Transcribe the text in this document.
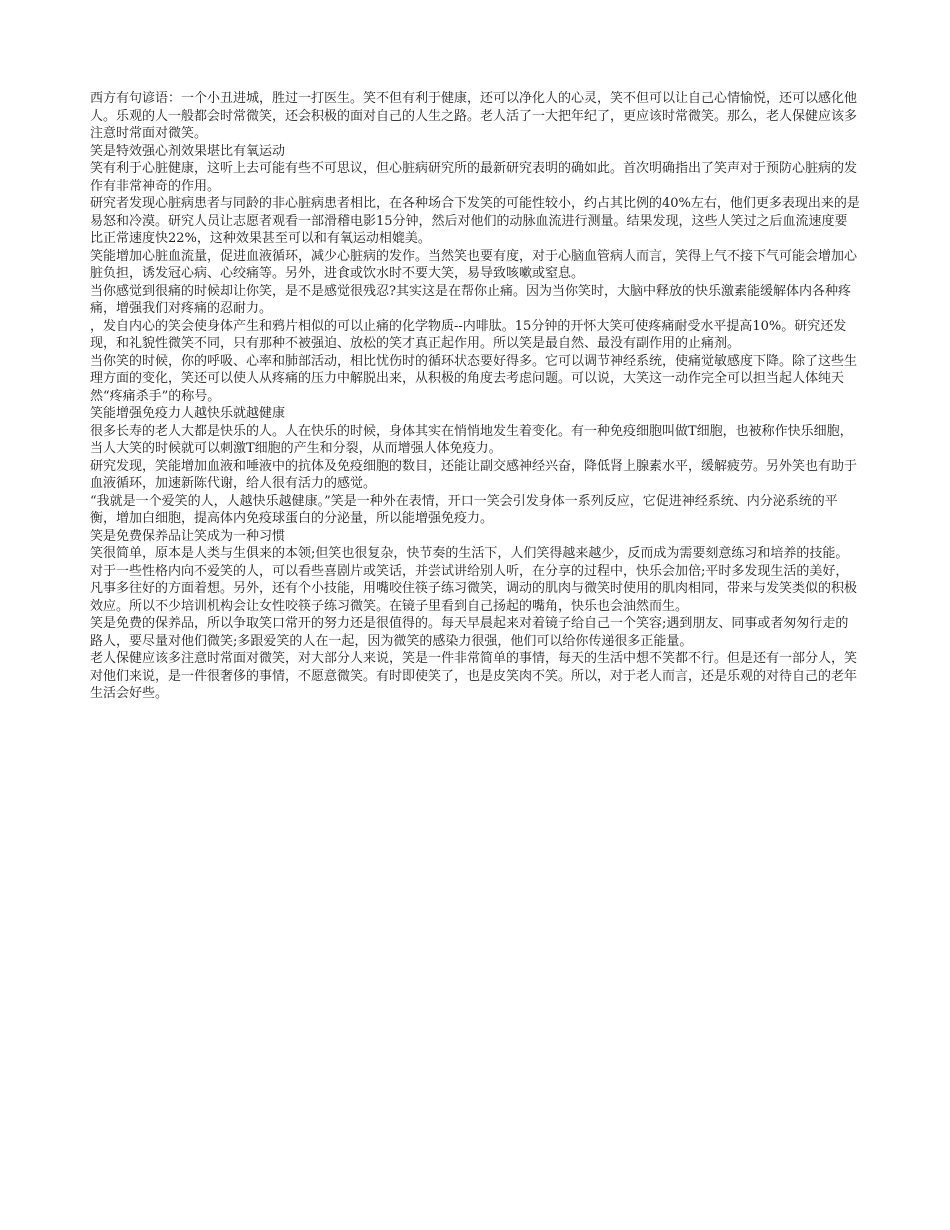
西方有句谚语：一个小丑进城，胜过一打医生。笑不但有利于健康，还可以净化人的心灵，笑不但可以让自己心情愉悦，还可以感化他人。乐观的人一般都会时常微笑，还会积极的面对自己的人生之路。老人活了一大把年纪了，更应该时常微笑。那么，老人保健应该多注意时常面对微笑。

笑是特效强心剂效果堪比有氧运动

笑有利于心脏健康，这听上去可能有些不可思议，但心脏病研究所的最新研究表明的确如此。首次明确指出了笑声对于预防心脏病的发作有非常神奇的作用。

研究者发现心脏病患者与同龄的非心脏病患者相比，在各种场合下发笑的可能性较小，约占其比例的40%左右，他们更多表现出来的是易怒和冷漠。研究人员让志愿者观看一部滑稽电影15分钟，然后对他们的动脉血流进行测量。结果发现，这些人笑过之后血流速度要比正常速度快22%，这种效果甚至可以和有氧运动相媲美。

笑能增加心脏血流量，促进血液循环，减少心脏病的发作。当然笑也要有度，对于心脑血管病人而言，笑得上气不接下气可能会增加心脏负担，诱发冠心病、心绞痛等。另外，进食或饮水时不要大笑，易导致咳嗽或窒息。

当你感觉到很痛的时候却让你笑，是不是感觉很残忍?其实这是在帮你止痛。因为当你笑时，大脑中释放的快乐激素能缓解体内各种疼痛，增强我们对疼痛的忍耐力。

，发自内心的笑会使身体产生和鸦片相似的可以止痛的化学物质--内啡肽。15分钟的开怀大笑可使疼痛耐受水平提高10%。研究还发现，和礼貌性微笑不同，只有那种不被强迫、放松的笑才真正起作用。所以笑是最自然、最没有副作用的止痛剂。

当你笑的时候，你的呼吸、心率和肺部活动，相比忧伤时的循环状态要好得多。它可以调节神经系统，使痛觉敏感度下降。除了这些生理方面的变化，笑还可以使人从疼痛的压力中解脱出来，从积极的角度去考虑问题。可以说，大笑这一动作完全可以担当起人体纯天然“疼痛杀手”的称号。

笑能增强免疫力人越快乐就越健康

很多长寿的老人大都是快乐的人。人在快乐的时候，身体其实在悄悄地发生着变化。有一种免疫细胞叫做T细胞，也被称作快乐细胞，当人大笑的时候就可以刺激T细胞的产生和分裂，从而增强人体免疫力。

研究发现，笑能增加血液和唾液中的抗体及免疫细胞的数目，还能让副交感神经兴奋，降低肾上腺素水平，缓解疲劳。另外笑也有助于血液循环，加速新陈代谢，给人很有活力的感觉。

“我就是一个爱笑的人，人越快乐越健康。”笑是一种外在表情，开口一笑会引发身体一系列反应，它促进神经系统、内分泌系统的平衡，增加白细胞，提高体内免疫球蛋白的分泌量，所以能增强免疫力。

笑是免费保养品让笑成为一种习惯

笑很简单，原本是人类与生俱来的本领;但笑也很复杂，快节奏的生活下，人们笑得越来越少，反而成为需要刻意练习和培养的技能。

对于一些性格内向不爱笑的人，可以看些喜剧片或笑话，并尝试讲给别人听，在分享的过程中，快乐会加倍;平时多发现生活的美好，凡事多往好的方面着想。另外，还有个小技能，用嘴咬住筷子练习微笑，调动的肌肉与微笑时使用的肌肉相同，带来与发笑类似的积极效应。所以不少培训机构会让女性咬筷子练习微笑。在镜子里看到自己扬起的嘴角，快乐也会油然而生。

笑是免费的保养品，所以争取笑口常开的努力还是很值得的。每天早晨起来对着镜子给自己一个笑容;遇到朋友、同事或者匆匆行走的路人，要尽量对他们微笑;多跟爱笑的人在一起，因为微笑的感染力很强，他们可以给你传递很多正能量。

老人保健应该多注意时常面对微笑，对大部分人来说，笑是一件非常简单的事情，每天的生活中想不笑都不行。但是还有一部分人，笑对他们来说，是一件很奢侈的事情，不愿意微笑。有时即使笑了，也是皮笑肉不笑。所以，对于老人而言，还是乐观的对待自己的老年生活会好些。
